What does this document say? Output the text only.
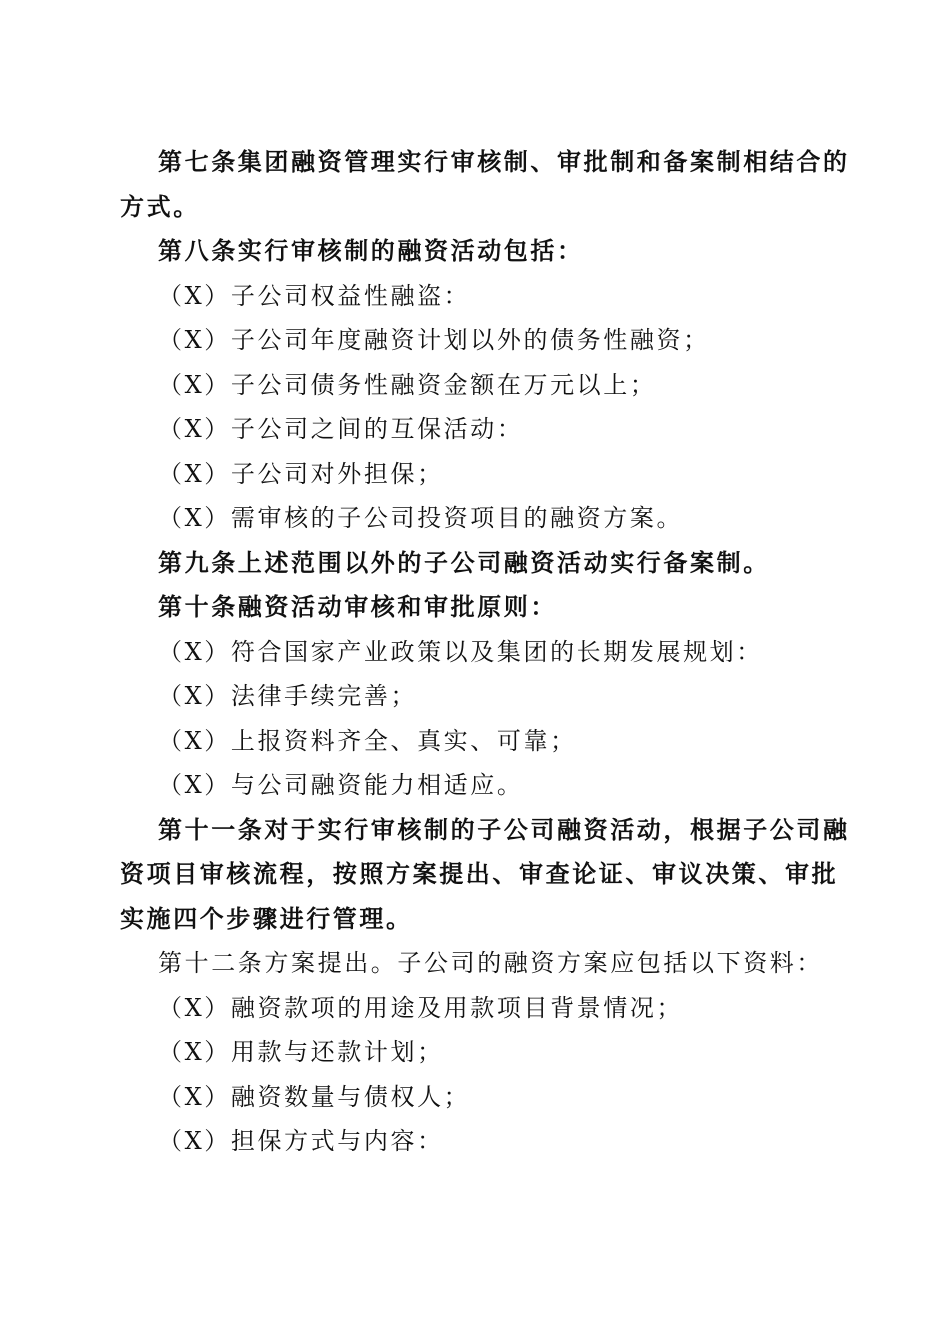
第七条集团融资管理实行审核制、审批制和备案制相结合的
方式。
第八条实行审核制的融资活动包括：
（X）子公司权益性融盗：
（X）子公司年度融资计划以外的债务性融资；
（X）子公司债务性融资金额在万元以上；
（X）子公司之间的互保活动：
（X）子公司对外担保；
（X）需审核的子公司投资项目的融资方案。
第九条上述范围以外的子公司融资活动实行备案制。
第十条融资活动审核和审批原则：
（X）符合国家产业政策以及集团的长期发展规划：
（X）法律手续完善；
（X）上报资料齐全、真实、可靠；
（X）与公司融资能力相适应。
第十一条对于实行审核制的子公司融资活动，根据子公司融
资项目审核流程，按照方案提出、审查论证、审议决策、审批
实施四个步骤进行管理。
第十二条方案提出。子公司的融资方案应包括以下资料：
（X）融资款项的用途及用款项目背景情况；
（X）用款与还款计划；
（X）融资数量与债权人；
（X）担保方式与内容：
